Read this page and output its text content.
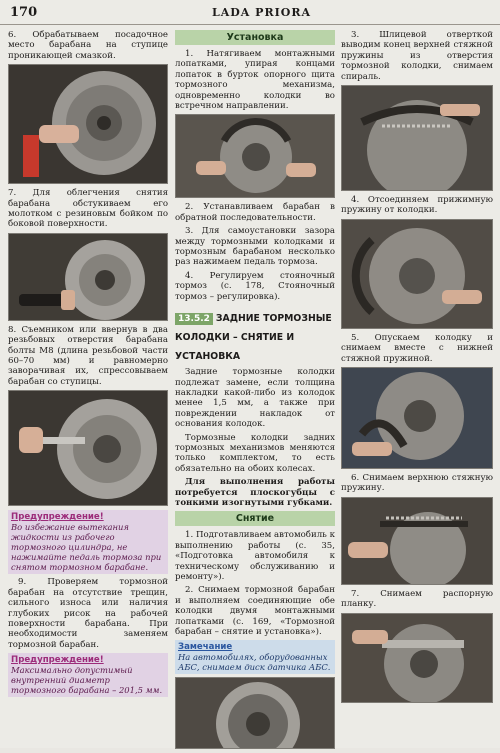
170	LADA PRIORA

6. Обрабатываем посадочное место барабана на ступице проникающей смазкой.

7. Для облегчения снятия барабана обстукиваем его молотком с резиновым бойком по боковой поверхности.

8. Съемником или ввернув в два резьбовых отверстия барабана болты M8 (длина резьбовой части 60–70 мм) и равномерно заворачивая их, спрессовываем барабан со ступицы.

Предупреждение!
Во избежание вытекания жидкости из рабочего тормозного цилиндра, не нажимайте педаль тормоза при снятом тормозном барабане.

9. Проверяем тормозной барабан на отсутствие трещин, сильного износа или наличия глубоких рисок на рабочей поверхности барабана. При необходимости заменяем тормозной барабан.

Предупреждение!
Максимально допустимый внутренний диаметр тормозного барабана – 201,5 мм.
Установка

1. Натягиваем монтажными лопатками, упирая концами лопаток в бурток опорного щита тормозного механизма, одновременно колодки во встречном направлении.

2. Устанавливаем барабан в обратной последовательности.

3. Для самоустановки зазора между тормозными колодками и тормозным барабаном несколько раз нажимаем педаль тормоза.

4. Регулируем стояночный тормоз (с. 178, Стояночный тормоз – регулировка).

13.5.2 ЗАДНИЕ ТОРМОЗНЫЕ КОЛОДКИ – СНЯТИЕ И УСТАНОВКА

Задние тормозные колодки подлежат замене, если толщина накладки какой-либо из колодок менее 1,5 мм, а также при повреждении накладок от основания колодок.

Тормозные колодки задних тормозных механизмов меняются только комплектом, то есть обязательно на обоих колесах.

Для выполнения работы потребуется плоскогубцы с тонкими изогнутыми губками.

Снятие

1. Подготавливаем автомобиль к выполнению работы (с. 35, «Подготовка автомобиля к техническому обслуживанию и ремонту»).

2. Снимаем тормозной барабан и выполняем соединяющие обе колодки двумя монтажными лопатками (с. 169, «Тормозной барабан – снятие и установка»).

Замечание
На автомобилях, оборудованных АБС, снимаем диск датчика АБС.

3. Шлицевой отверткой выводим конец верхней стяжной пружины из отверстия тормозной колодки, снимаем спираль.

4. Отсоединяем прижимную пружину от колодки.

5. Опускаем колодку и снимаем вместе с нижней стяжной пружиной.

6. Снимаем верхнюю стяжную пружину.

7. Снимаем распорную планку.
